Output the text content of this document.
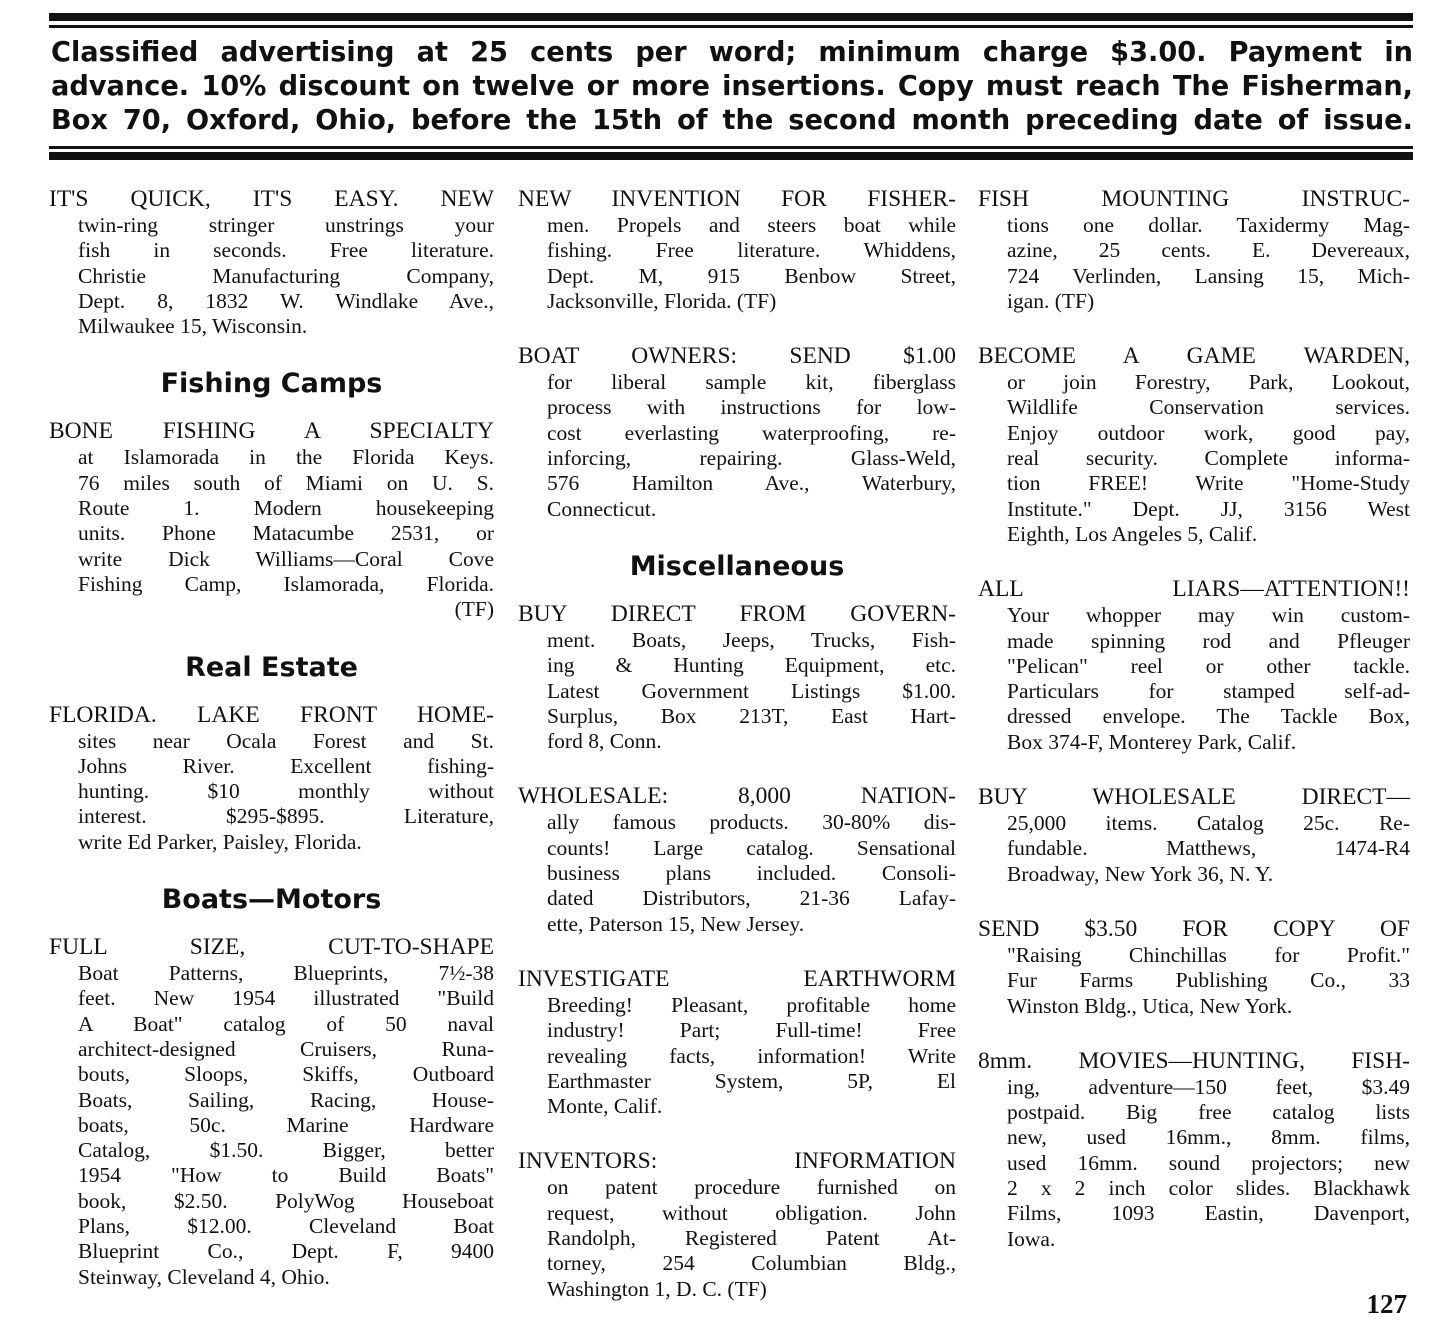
Classified advertising at 25 cents per word; minimum charge $3.00. Payment in
advance. 10% discount on twelve or more insertions. Copy must reach The Fisherman,
Box 70, Oxford, Ohio, before the 15th of the second month preceding date of issue.
IT'S QUICK, IT'S EASY. NEW
twin-ring stringer unstrings your
fish in seconds. Free literature.
Christie Manufacturing Company,
Dept. 8, 1832 W. Windlake Ave.,
Milwaukee 15, Wisconsin.
Fishing Camps
BONE FISHING A SPECIALTY
at Islamorada in the Florida Keys.
76 miles south of Miami on U. S.
Route 1. Modern housekeeping
units. Phone Matacumbe 2531, or
write Dick Williams—Coral Cove
Fishing Camp, Islamorada, Florida.
(TF)
Real Estate
FLORIDA. LAKE FRONT HOME-
sites near Ocala Forest and St.
Johns River. Excellent fishing-
hunting. $10 monthly without
interest. $295-$895. Literature,
write Ed Parker, Paisley, Florida.
Boats—Motors
FULL SIZE, CUT-TO-SHAPE
Boat Patterns, Blueprints, 7½-38
feet. New 1954 illustrated "Build
A Boat" catalog of 50 naval
architect-designed Cruisers, Runa-
bouts, Sloops, Skiffs, Outboard
Boats, Sailing, Racing, House-
boats, 50c. Marine Hardware
Catalog, $1.50. Bigger, better
1954 "How to Build Boats"
book, $2.50. PolyWog Houseboat
Plans, $12.00. Cleveland Boat
Blueprint Co., Dept. F, 9400
Steinway, Cleveland 4, Ohio.
NEW INVENTION FOR FISHER-
men. Propels and steers boat while
fishing. Free literature. Whiddens,
Dept. M, 915 Benbow Street,
Jacksonville, Florida. (TF)
BOAT OWNERS: SEND $1.00
for liberal sample kit, fiberglass
process with instructions for low-
cost everlasting waterproofing, re-
inforcing, repairing. Glass-Weld,
576 Hamilton Ave., Waterbury,
Connecticut.
Miscellaneous
BUY DIRECT FROM GOVERN-
ment. Boats, Jeeps, Trucks, Fish-
ing & Hunting Equipment, etc.
Latest Government Listings $1.00.
Surplus, Box 213T, East Hart-
ford 8, Conn.
WHOLESALE: 8,000 NATION-
ally famous products. 30-80% dis-
counts! Large catalog. Sensational
business plans included. Consoli-
dated Distributors, 21-36 Lafay-
ette, Paterson 15, New Jersey.
INVESTIGATE EARTHWORM
Breeding! Pleasant, profitable home
industry! Part; Full-time! Free
revealing facts, information! Write
Earthmaster System, 5P, El
Monte, Calif.
INVENTORS: INFORMATION
on patent procedure furnished on
request, without obligation. John
Randolph, Registered Patent At-
torney, 254 Columbian Bldg.,
Washington 1, D. C. (TF)
FISH MOUNTING INSTRUC-
tions one dollar. Taxidermy Mag-
azine, 25 cents. E. Devereaux,
724 Verlinden, Lansing 15, Mich-
igan. (TF)
BECOME A GAME WARDEN,
or join Forestry, Park, Lookout,
Wildlife Conservation services.
Enjoy outdoor work, good pay,
real security. Complete informa-
tion FREE! Write "Home-Study
Institute." Dept. JJ, 3156 West
Eighth, Los Angeles 5, Calif.
ALL LIARS—ATTENTION!!
Your whopper may win custom-
made spinning rod and Pfleuger
"Pelican" reel or other tackle.
Particulars for stamped self-ad-
dressed envelope. The Tackle Box,
Box 374-F, Monterey Park, Calif.
BUY WHOLESALE DIRECT—
25,000 items. Catalog 25c. Re-
fundable. Matthews, 1474-R4
Broadway, New York 36, N. Y.
SEND $3.50 FOR COPY OF
"Raising Chinchillas for Profit."
Fur Farms Publishing Co., 33
Winston Bldg., Utica, New York.
8mm. MOVIES—HUNTING, FISH-
ing, adventure—150 feet, $3.49
postpaid. Big free catalog lists
new, used 16mm., 8mm. films,
used 16mm. sound projectors; new
2 x 2 inch color slides. Blackhawk
Films, 1093 Eastin, Davenport,
Iowa.
127
